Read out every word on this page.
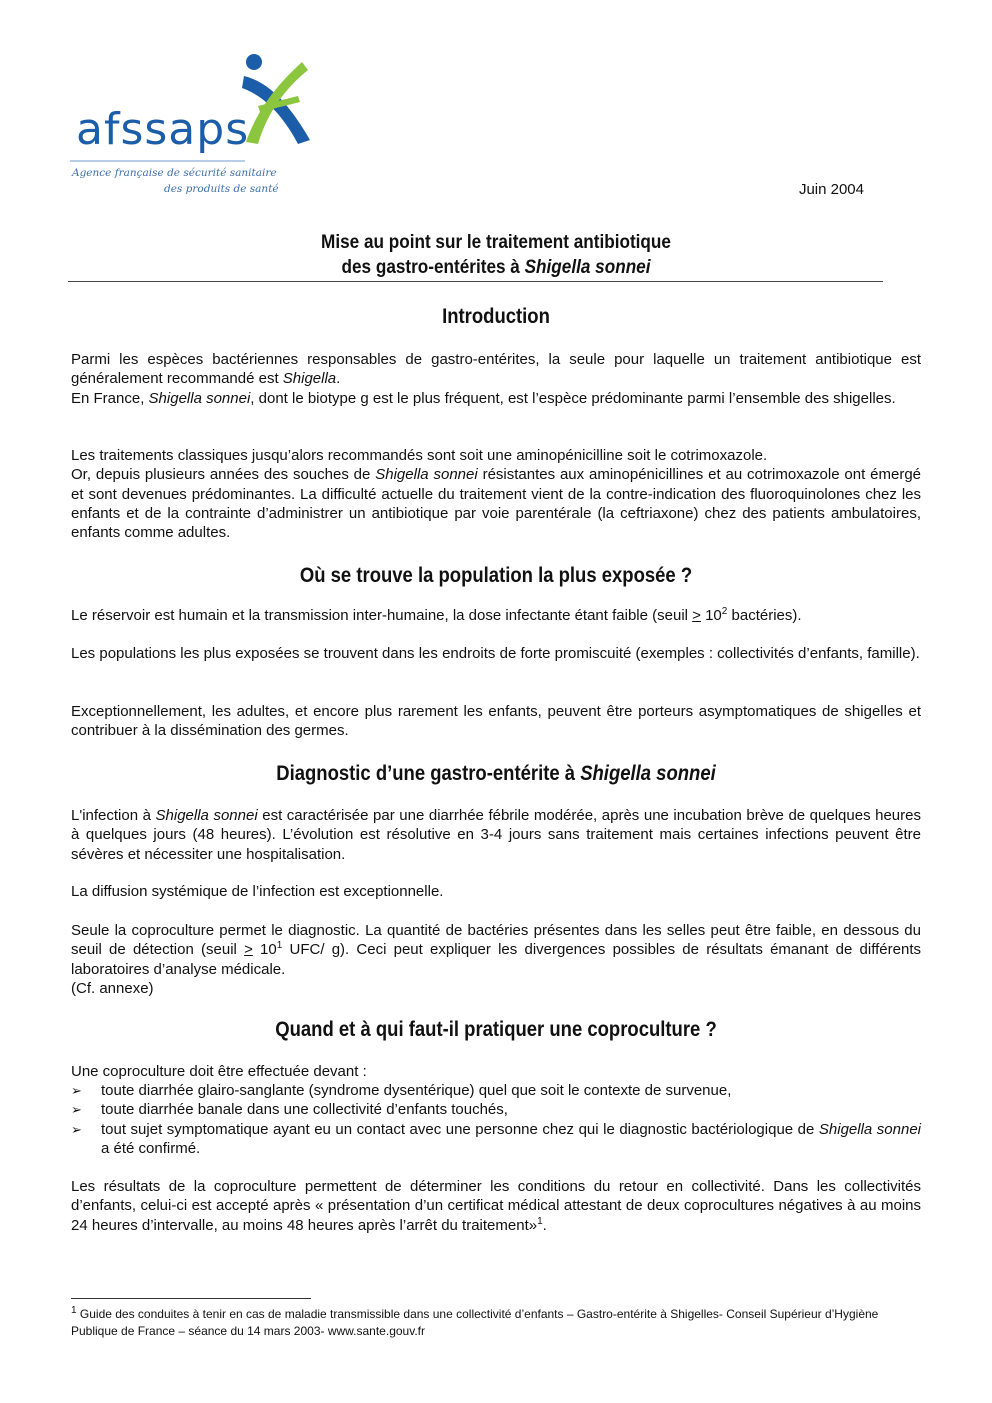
afssaps
Agence française de sécurité sanitaire
des produits de santé	Juin 2004
Mise au point sur le traitement antibiotique
des gastro-entérites à Shigella sonnei
Introduction
Parmi les espèces bactériennes responsables de gastro-entérites, la seule pour laquelle un traitement antibiotique est généralement recommandé est Shigella.
En France, Shigella sonnei, dont le biotype g est le plus fréquent, est l’espèce prédominante parmi l’ensemble des shigelles.
Les traitements classiques jusqu’alors recommandés sont soit une aminopénicilline soit le cotrimoxazole.
Or, depuis plusieurs années des souches de Shigella sonnei résistantes aux aminopénicillines et au cotrimoxazole ont émergé et sont devenues prédominantes. La difficulté actuelle du traitement vient de la contre-indication des fluoroquinolones chez les enfants et de la contrainte d’administrer un antibiotique par voie parentérale (la ceftriaxone) chez des patients ambulatoires, enfants comme adultes.
Où se trouve la population la plus exposée ?
Le réservoir est humain et la transmission inter-humaine, la dose infectante étant faible (seuil > $10^2$ bactéries).
Les populations les plus exposées se trouvent dans les endroits de forte promiscuité (exemples : collectivités d’enfants, famille).
Exceptionnellement, les adultes, et encore plus rarement les enfants, peuvent être porteurs asymptomatiques de shigelles et contribuer à la dissémination des germes.
Diagnostic d’une gastro-entérite à Shigella sonnei
L'infection à Shigella sonnei est caractérisée par une diarrhée fébrile modérée, après une incubation brève de quelques heures à quelques jours (48 heures). L’évolution est résolutive en 3-4 jours sans traitement mais certaines infections peuvent être sévères et nécessiter une hospitalisation.
La diffusion systémique de l’infection est exceptionnelle.
Seule la coproculture permet le diagnostic. La quantité de bactéries présentes dans les selles peut être faible, en dessous du seuil de détection (seuil > $10^1$ UFC/ g). Ceci peut expliquer les divergences possibles de résultats émanant de différents laboratoires d’analyse médicale.
(Cf. annexe)
Quand et à qui faut-il pratiquer une coproculture ?
Une coproculture doit être effectuée devant :
➢ toute diarrhée glairo-sanglante (syndrome dysentérique) quel que soit le contexte de survenue,
➢ toute diarrhée banale dans une collectivité d’enfants touchés,
➢ tout sujet symptomatique ayant eu un contact avec une personne chez qui le diagnostic bactériologique de Shigella sonnei a été confirmé.
Les résultats de la coproculture permettent de déterminer les conditions du retour en collectivité. Dans les collectivités d’enfants, celui-ci est accepté après « présentation d’un certificat médical attestant de deux coprocultures négatives à au moins 24 heures d’intervalle, au moins 48 heures après l’arrêt du traitement»$^1$.
$^1$ Guide des conduites à tenir en cas de maladie transmissible dans une collectivité d’enfants – Gastro-entérite à Shigelles- Conseil Supérieur d’Hygiène Publique de France – séance du 14 mars 2003- www.sante.gouv.fr
